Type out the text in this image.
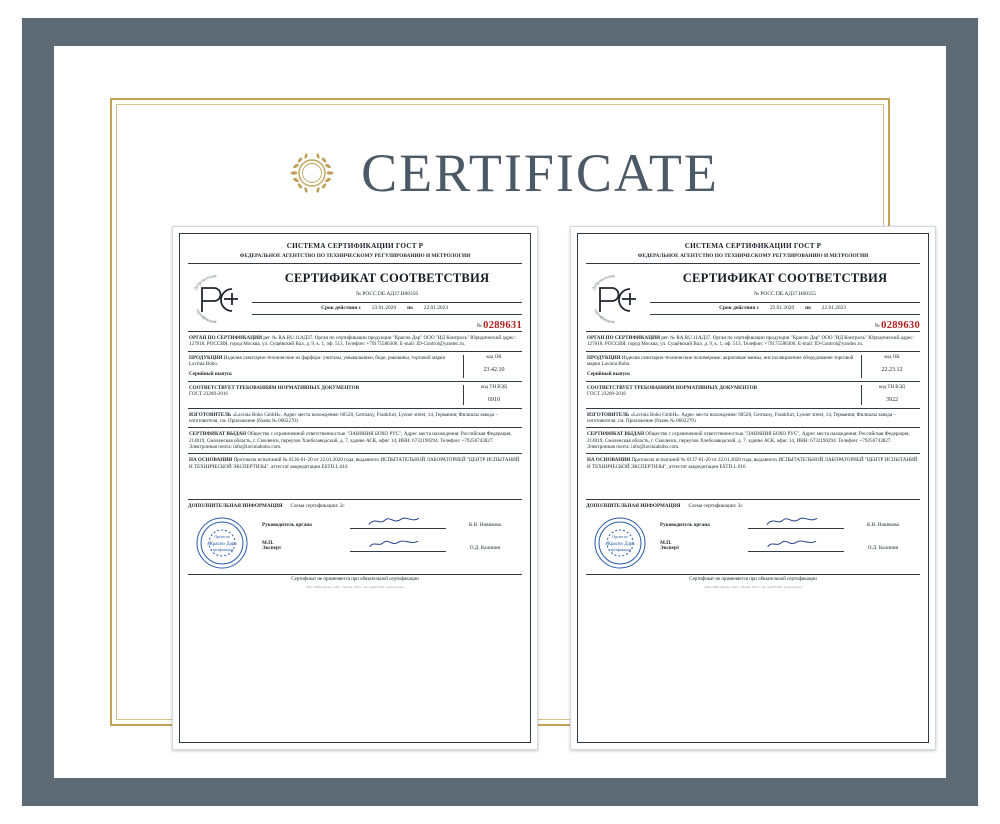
CERTIFICATE
СИСТЕМА СЕРТИФИКАЦИИ ГОСТ Р
ФЕДЕРАЛЬНОЕ АГЕНТСТВО ПО ТЕХНИЧЕСКОМУ РЕГУЛИРОВАНИЮ И МЕТРОЛОГИИ
Добровольная
сертификация
СЕРТИФИКАТ СООТВЕТСТВИЯ
№ РОСС DE.АД37.Н00356
Срок действия с	23.01.2020	по	22.01.2023
№ 0289631
ОРГАН ПО СЕРТИФИКАЦИИ рег. № RA.RU.11АД37. Орган по сертификации продукции "Красно Дар" ООО "ИД Контроль" Юридический адрес: 127018, РОССИЯ, город Москва, ул. Сущёвский Вал, д. 9, к. 1, оф. 513, Телефон: +79175586300, E-mail: ID-Control@yandex.ru.
ПРОДУКЦИЯ Изделия санитарно-технические из фарфора: унитазы, умывальники, биде, раковины, торговой марки Lavinia Boho.
Серийный выпуск
код ОК
23.42.10
СООТВЕТСТВУЕТ ТРЕБОВАНИЯМ НОРМАТИВНЫХ ДОКУМЕНТОВ
ГОСТ 23289-2016
код ТН ВЭД
6910
ИЗГОТОВИТЕЛЬ «Lavinia Boho GmbH». Адрес места нахождения: 60528, Germany, Frankfurt, Lyoner street, 14, Германия; Филиалы завода – изготовителя, см. Приложение (бланк № 0662270)
СЕРТИФИКАТ ВЫДАН Общество с ограниченной ответственностью "ЛАВИНИЯ БОХО РУС", Адрес места нахождения: Российская Федерация, 214019, Смоленская область, г. Смоленск, переулок Хлебозаводский, д. 7, здание АСК, офис 14, ИНН: 6732190294. Телефон: +79256743827. Электронная почта: info@laviniaboho.com.
НА ОСНОВАНИИ Протокола испытаний № 0136-01-20 от 22.01.2020 года, выданного ИСПЫТАТЕЛЬНОЙ ЛАБОРАТОРИЕЙ "ЦЕНТР ИСПЫТАНИЙ И ТЕХНИЧЕСКОЙ ЭКСПЕРТИЗЫ", аттестат аккредитации ESTD.L.016
ДОПОЛНИТЕЛЬНАЯ ИНФОРМАЦИЯ Схема сертификации: 3с
Орган по
«Красно Дар»
сертификации
Руководитель органа	К.В. Новикова
М.П.
Эксперт	О.Д. Калинин
Сертификат не применяется при обязательной сертификации
ООО «НВЦ «Ирлен», ЗАО, г. Москва, 2019 г., зак. №00278 (Рег. номер бланка)
СИСТЕМА СЕРТИФИКАЦИИ ГОСТ Р
ФЕДЕРАЛЬНОЕ АГЕНТСТВО ПО ТЕХНИЧЕСКОМУ РЕГУЛИРОВАНИЮ И МЕТРОЛОГИИ
Добровольная
сертификация
СЕРТИФИКАТ СООТВЕТСТВИЯ
№ РОСС DE.АД37.Н00355
Срок действия с	23.01.2020	по	22.01.2023
№ 0289630
ОРГАН ПО СЕРТИФИКАЦИИ рег. № RA.RU.11АД37. Орган по сертификации продукции "Красно Дар" ООО "ИД Контроль" Юридический адрес: 127018, РОССИЯ, город Москва, ул. Сущёвский Вал, д. 9, к. 1, оф. 513, Телефон: +79175586300, E-mail: ID-Control@yandex.ru.
ПРОДУКЦИЯ Изделия санитарно-технические полимерные: акриловые ванны, инсталляционное оборудование торговой марки Lavinia Boho.
Серийный выпуск
код ОК
22.23.12
СООТВЕТСТВУЕТ ТРЕБОВАНИЯМ НОРМАТИВНЫХ ДОКУМЕНТОВ
ГОСТ 23289-2016
код ТН ВЭД
3922
ИЗГОТОВИТЕЛЬ «Lavinia Boho GmbH». Адрес места нахождения: 60528, Germany, Frankfurt, Lyoner street, 14, Германия; Филиалы завода – изготовителя, см. Приложение (бланк № 0662270)
СЕРТИФИКАТ ВЫДАН Общество с ограниченной ответственностью "ЛАВИНИЯ БОХО РУС", Адрес места нахождения: Российская Федерация, 214019, Смоленская область, г. Смоленск, переулок Хлебозаводский, д. 7, здание АСК, офис 14, ИНН: 6732190294. Телефон: +79256743827. Электронная почта: info@laviniaboho.com.
НА ОСНОВАНИИ Протокола испытаний № 0137-01-20 от 22.01.2020 года, выданного ИСПЫТАТЕЛЬНОЙ ЛАБОРАТОРИЕЙ "ЦЕНТР ИСПЫТАНИЙ И ТЕХНИЧЕСКОЙ ЭКСПЕРТИЗЫ", аттестат аккредитации ESTD.L.016
ДОПОЛНИТЕЛЬНАЯ ИНФОРМАЦИЯ Схема сертификации: 3с
Орган по
«Красно Дар»
сертификации
Руководитель органа	К.В. Новикова
М.П.
Эксперт	О.Д. Калинин
Сертификат не применяется при обязательной сертификации
ООО «НВЦ «Ирлен», ЗАО, г. Москва, 2019 г., зак. №00278 (Рег. номер бланка)
